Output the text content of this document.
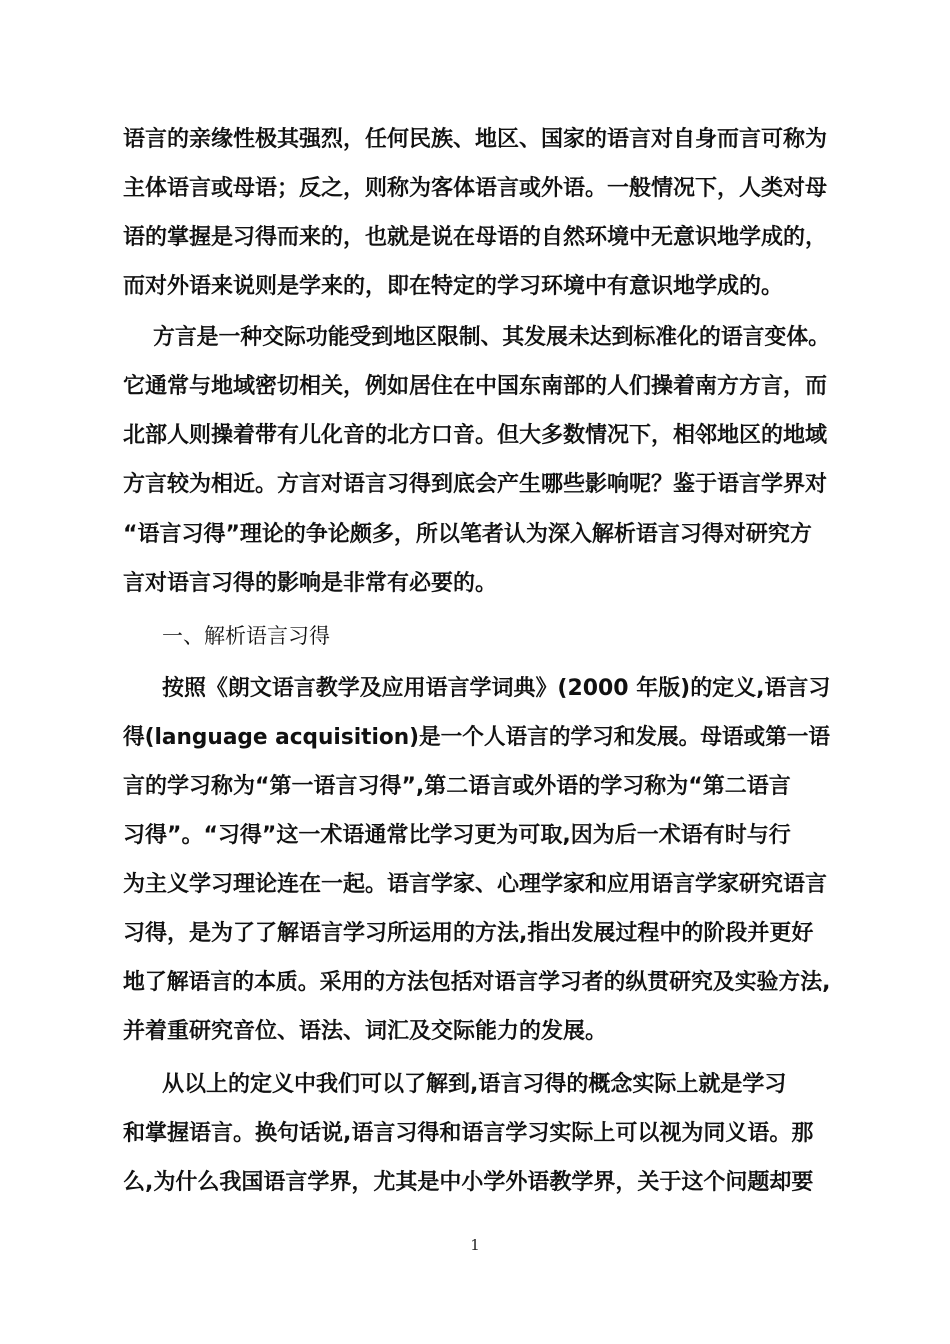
语言的亲缘性极其强烈，任何民族、地区、国家的语言对自身而言可称为
主体语言或母语；反之，则称为客体语言或外语。一般情况下，人类对母
语的掌握是习得而来的，也就是说在母语的自然环境中无意识地学成的，
而对外语来说则是学来的，即在特定的学习环境中有意识地学成的。
方言是一种交际功能受到地区限制、其发展未达到标准化的语言变体。
它通常与地域密切相关，例如居住在中国东南部的人们操着南方方言，而
北部人则操着带有儿化音的北方口音。但大多数情况下，相邻地区的地域
方言较为相近。方言对语言习得到底会产生哪些影响呢？鉴于语言学界对
“语言习得”理论的争论颇多，所以笔者认为深入解析语言习得对研究方
言对语言习得的影响是非常有必要的。
一、解析语言习得
按照《朗文语言教学及应用语言学词典》(2000 年版)的定义,语言习
得(language acquisition)是一个人语言的学习和发展。母语或第一语
言的学习称为“第一语言习得”,第二语言或外语的学习称为“第二语言
习得”。“习得”这一术语通常比学习更为可取,因为后一术语有时与行
为主义学习理论连在一起。语言学家、心理学家和应用语言学家研究语言
习得，是为了了解语言学习所运用的方法,指出发展过程中的阶段并更好
地了解语言的本质。采用的方法包括对语言学习者的纵贯研究及实验方法,
并着重研究音位、语法、词汇及交际能力的发展。
从以上的定义中我们可以了解到,语言习得的概念实际上就是学习
和掌握语言。换句话说,语言习得和语言学习实际上可以视为同义语。那
么,为什么我国语言学界，尤其是中小学外语教学界，关于这个问题却要
1
